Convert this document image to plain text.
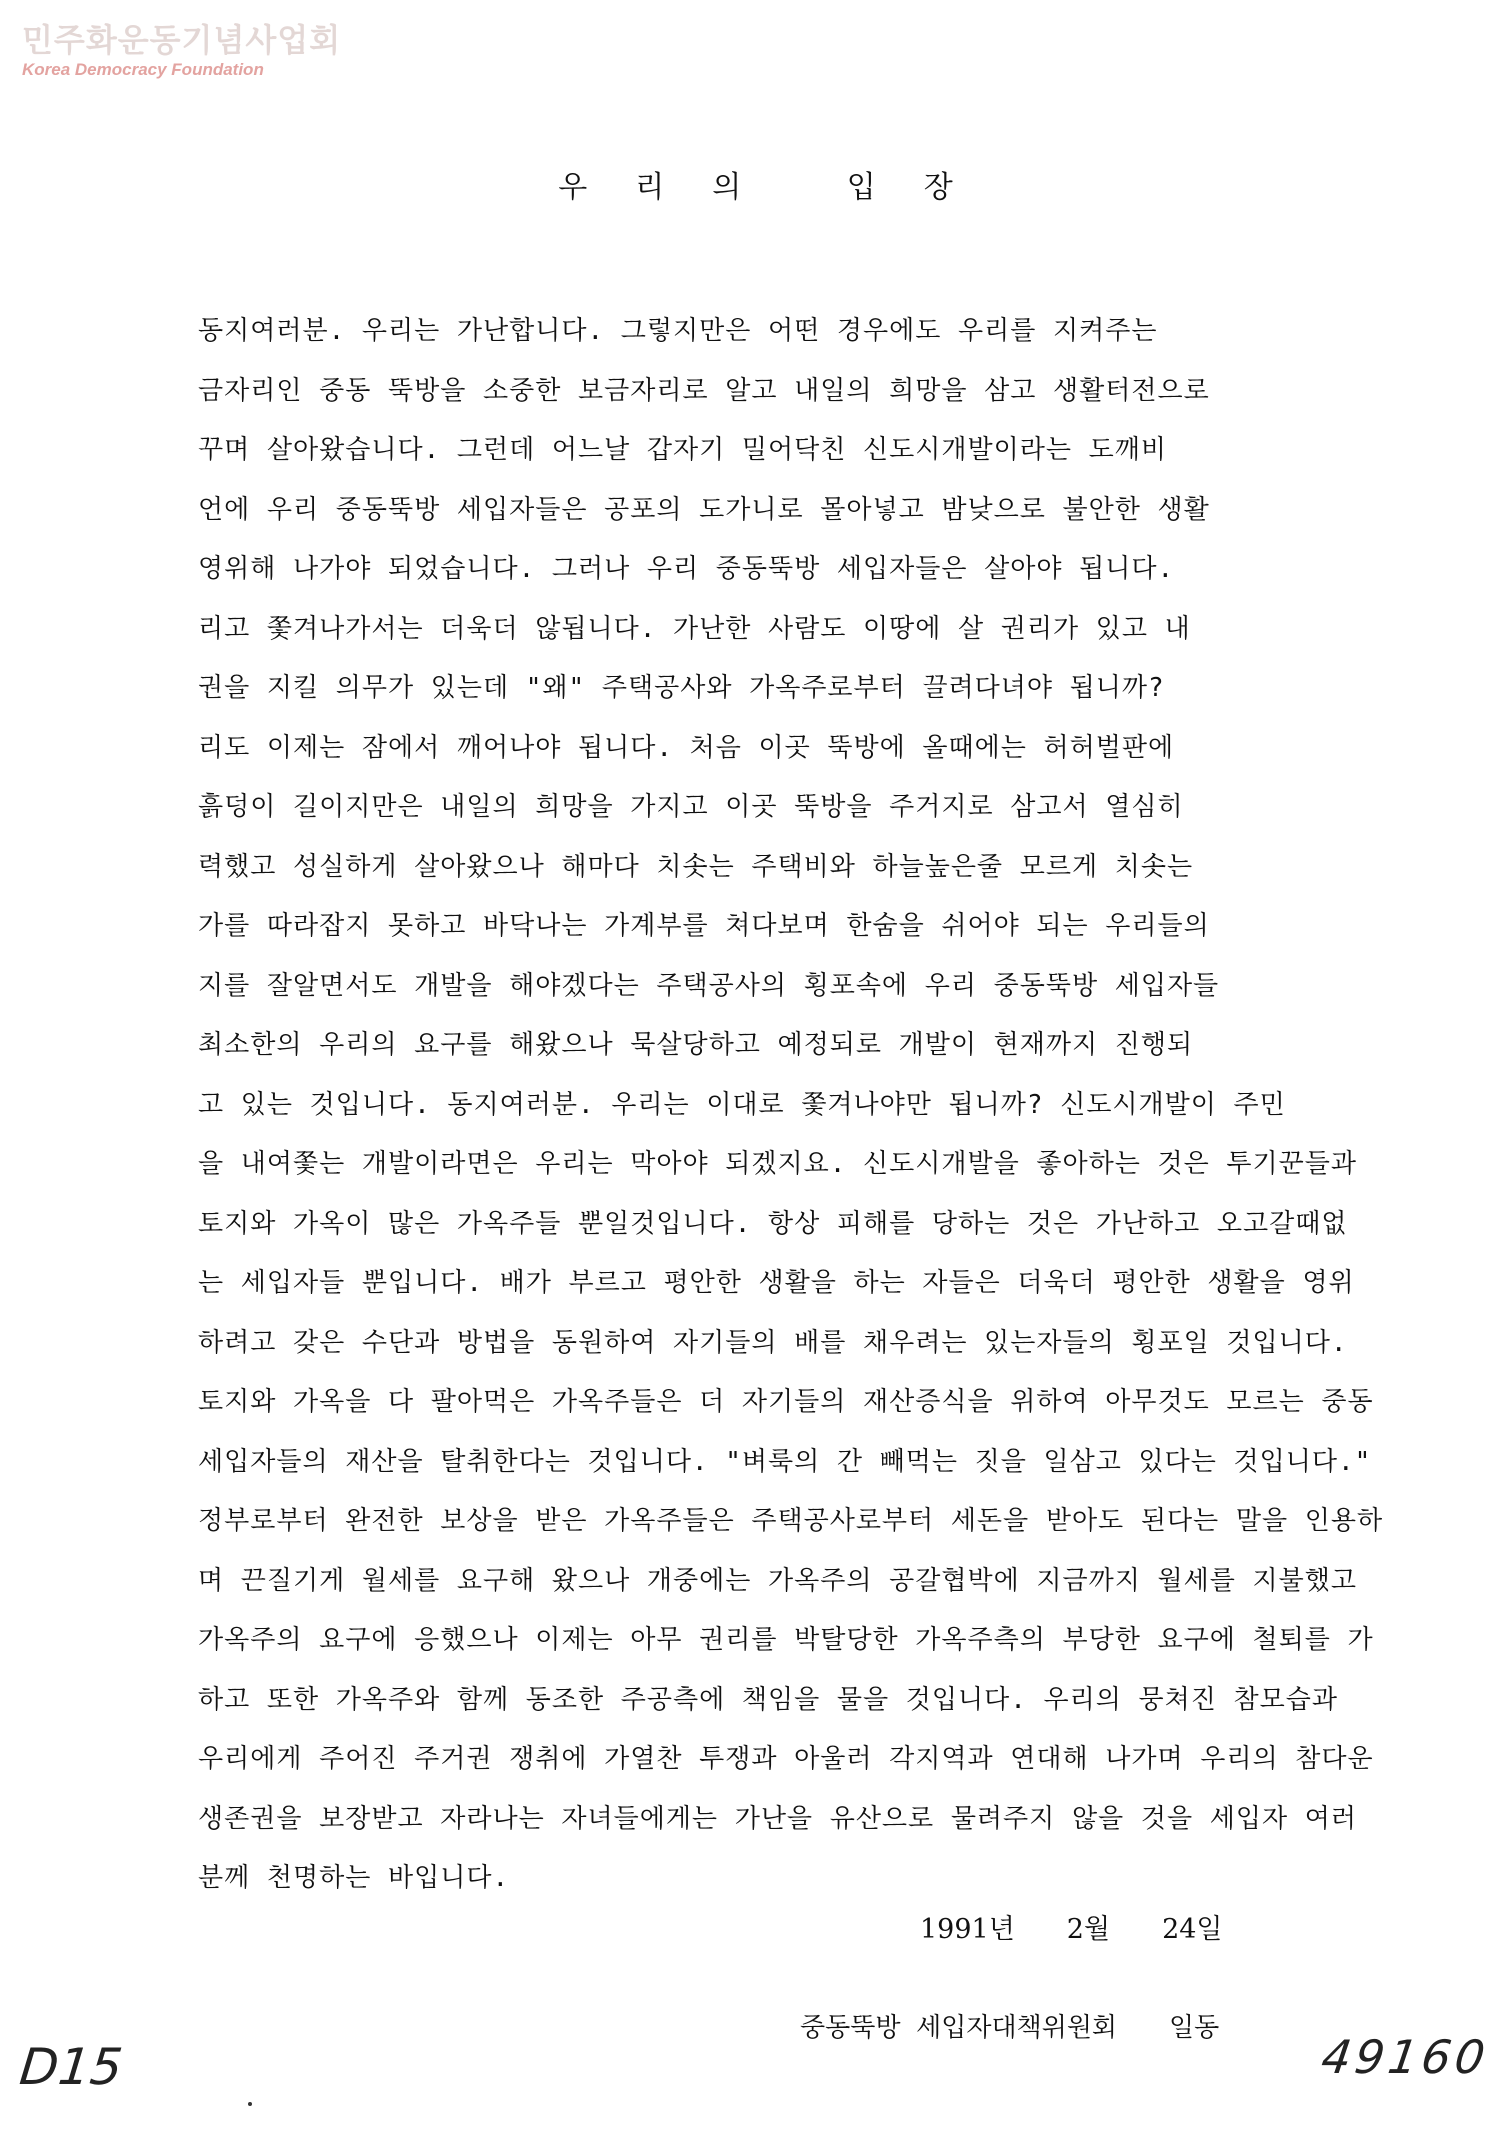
민주화운동기념사업회
Korea Democracy Foundation
우리의 입장
동지여러분. 우리는 가난합니다. 그렇지만은 어떤 경우에도 우리를 지켜주는
금자리인 중동 뚝방을 소중한 보금자리로 알고 내일의 희망을 삼고 생활터전으로
꾸며 살아왔습니다. 그런데 어느날 갑자기 밀어닥친 신도시개발이라는 도깨비
언에 우리 중동뚝방 세입자들은 공포의 도가니로 몰아넣고 밤낮으로 불안한 생활
영위해 나가야 되었습니다. 그러나 우리 중동뚝방 세입자들은 살아야 됩니다.
리고 쫓겨나가서는 더욱더 않됩니다. 가난한 사람도 이땅에 살 권리가 있고 내
권을 지킬 의무가 있는데 "왜" 주택공사와 가옥주로부터 끌려다녀야 됩니까?
리도 이제는 잠에서 깨어나야 됩니다. 처음 이곳 뚝방에 올때에는 허허벌판에
흙덩이 길이지만은 내일의 희망을 가지고 이곳 뚝방을 주거지로 삼고서 열심히
력했고 성실하게 살아왔으나 해마다 치솟는 주택비와 하늘높은줄 모르게 치솟는
가를 따라잡지 못하고 바닥나는 가계부를 쳐다보며 한숨을 쉬어야 되는 우리들의
지를 잘알면서도 개발을 해야겠다는 주택공사의 횡포속에 우리 중동뚝방 세입자들
최소한의 우리의 요구를 해왔으나 묵살당하고 예정되로 개발이 현재까지 진행되
고 있는 것입니다. 동지여러분. 우리는 이대로 쫓겨나야만 됩니까? 신도시개발이 주민
을 내여쫓는 개발이라면은 우리는 막아야 되겠지요. 신도시개발을 좋아하는 것은 투기꾼들과
토지와 가옥이 많은 가옥주들 뿐일것입니다. 항상 피해를 당하는 것은 가난하고 오고갈때없
는 세입자들 뿐입니다. 배가 부르고 평안한 생활을 하는 자들은 더욱더 평안한 생활을 영위
하려고 갖은 수단과 방법을 동원하여 자기들의 배를 채우려는 있는자들의 횡포일 것입니다.
토지와 가옥을 다 팔아먹은 가옥주들은 더 자기들의 재산증식을 위하여 아무것도 모르는 중동
세입자들의 재산을 탈취한다는 것입니다. "벼룩의 간 빼먹는 짓을 일삼고 있다는 것입니다."
정부로부터 완전한 보상을 받은 가옥주들은 주택공사로부터 세돈을 받아도 된다는 말을 인용하
며 끈질기게 월세를 요구해 왔으나 개중에는 가옥주의 공갈협박에 지금까지 월세를 지불했고
가옥주의 요구에 응했으나 이제는 아무 권리를 박탈당한 가옥주측의 부당한 요구에 철퇴를 가
하고 또한 가옥주와 함께 동조한 주공측에 책임을 물을 것입니다. 우리의 뭉쳐진 참모습과
우리에게 주어진 주거권 쟁취에 가열찬 투쟁과 아울러 각지역과 연대해 나가며 우리의 참다운
생존권을 보장받고 자라나는 자녀들에게는 가난을 유산으로 물려주지 않을 것을 세입자 여러
분께 천명하는 바입니다.
1991년 2월 24일
중동뚝방 세입자대책위원회 일동
D15	49160
